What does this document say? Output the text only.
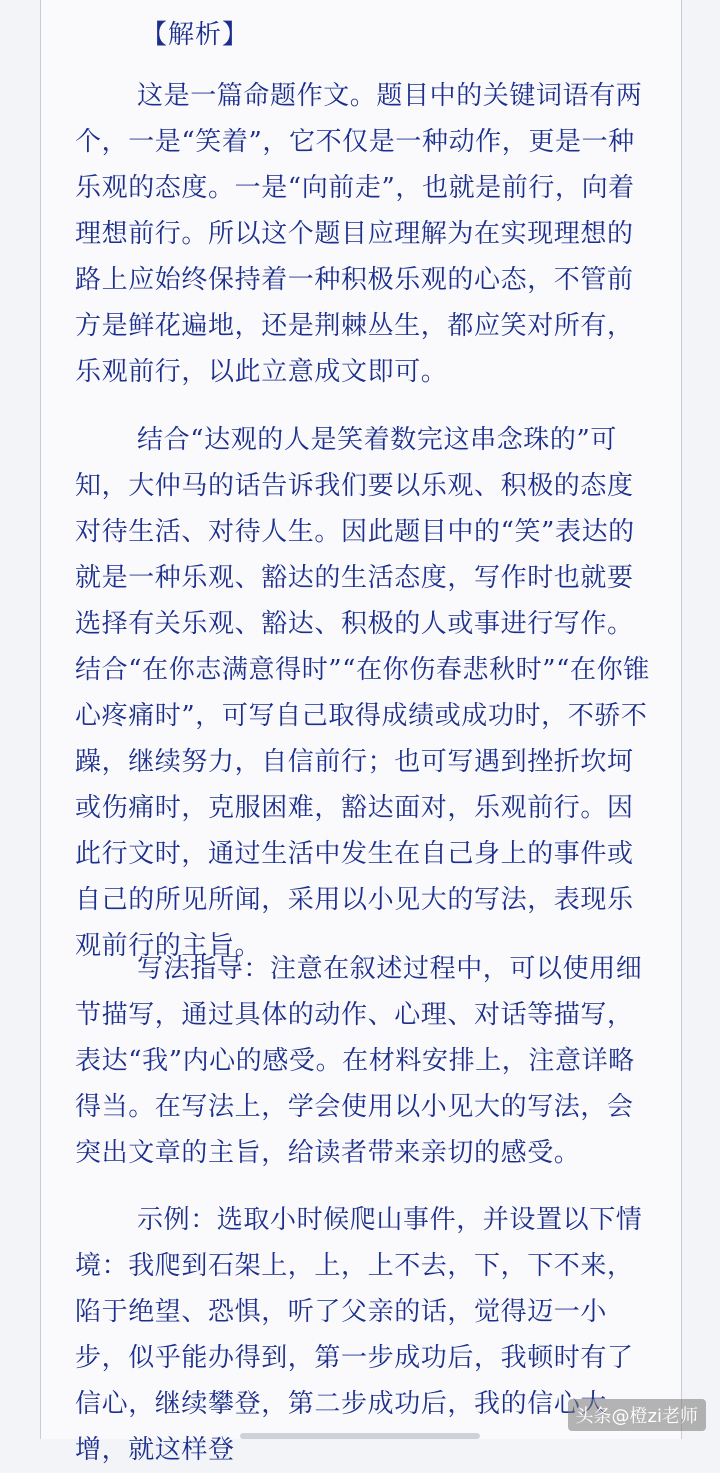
【解析】

这是一篇命题作文。题目中的关键词语有两个，一是“笑着”，它不仅是一种动作，更是一种乐观的态度。一是“向前走”，也就是前行，向着理想前行。所以这个题目应理解为在实现理想的路上应始终保持着一种积极乐观的心态，不管前方是鲜花遍地，还是荆棘丛生，都应笑对所有，乐观前行，以此立意成文即可。

结合“达观的人是笑着数完这串念珠的”可知，大仲马的话告诉我们要以乐观、积极的态度对待生活、对待人生。因此题目中的“笑”表达的就是一种乐观、豁达的生活态度，写作时也就要选择有关乐观、豁达、积极的人或事进行写作。结合“在你志满意得时”“在你伤春悲秋时”“在你锥心疼痛时”，可写自己取得成绩或成功时，不骄不躁，继续努力，自信前行；也可写遇到挫折坎坷或伤痛时，克服困难，豁达面对，乐观前行。因此行文时，通过生活中发生在自己身上的事件或自己的所见所闻，采用以小见大的写法，表现乐观前行的主旨。

写法指导：注意在叙述过程中，可以使用细节描写，通过具体的动作、心理、对话等描写，表达“我”内心的感受。在材料安排上，注意详略得当。在写法上，学会使用以小见大的写法，会突出文章的主旨，给读者带来亲切的感受。

示例：选取小时候爬山事件，并设置以下情境：我爬到石架上，上，上不去，下，下不来，陷于绝望、恐惧，听了父亲的话，觉得迈一小步，似乎能办得到，第一步成功后，我顿时有了信心，继续攀登，第二步成功后，我的信心大增，就这样登	头条@橙zi老师
